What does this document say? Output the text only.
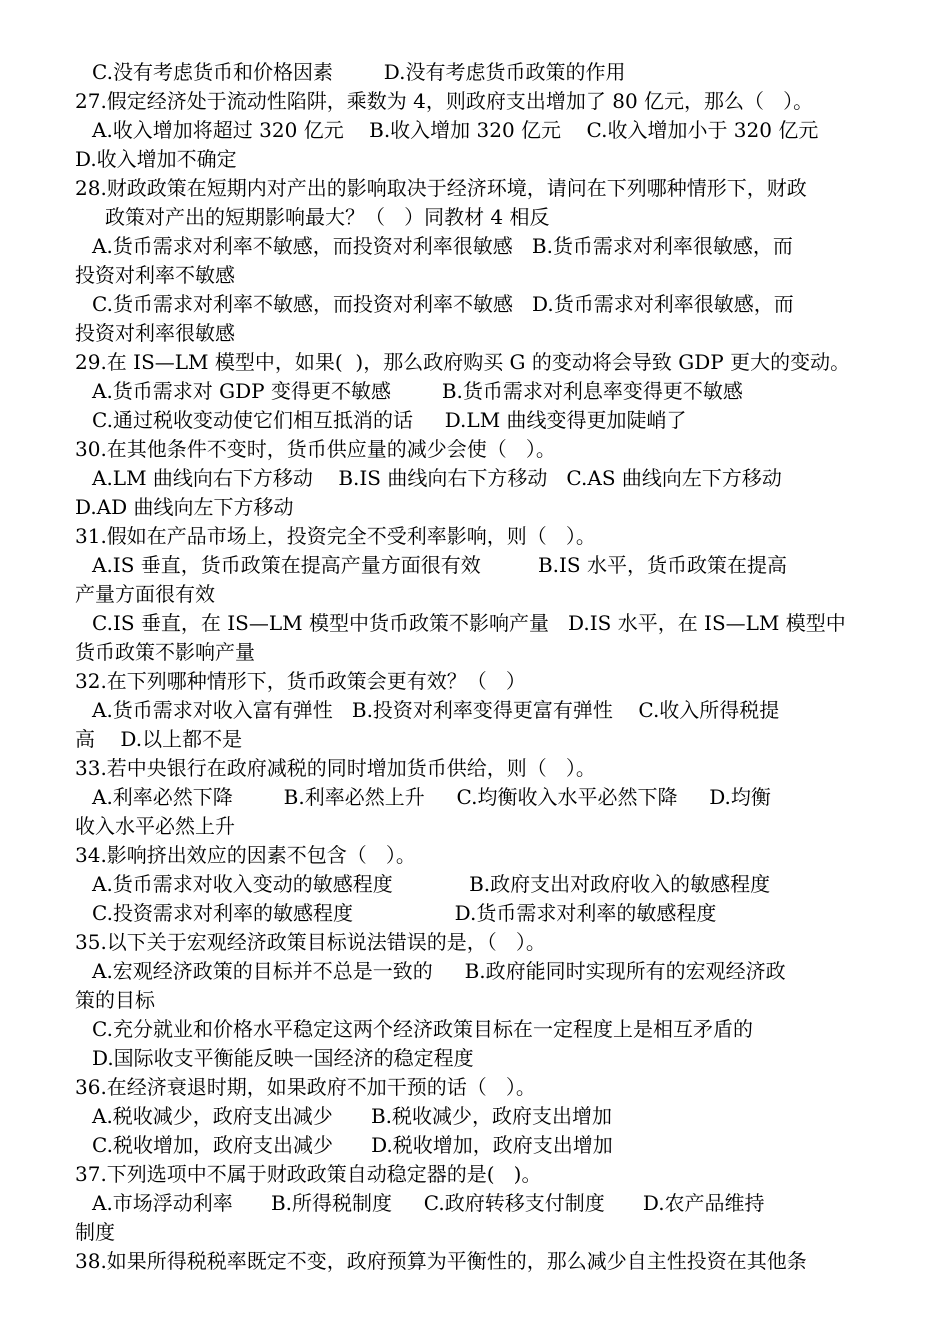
C.没有考虑货币和价格因素        D.没有考虑货币政策的作用
27.假定经济处于流动性陷阱，乘数为 4，则政府支出增加了 80 亿元，那么（   ）。
A.收入增加将超过 320 亿元    B.收入增加 320 亿元    C.收入增加小于 320 亿元
D.收入增加不确定
28.财政政策在短期内对产出的影响取决于经济环境，请问在下列哪种情形下，财政
政策对产出的短期影响最大？（   ）同教材 4 相反
A.货币需求对利率不敏感，而投资对利率很敏感   B.货币需求对利率很敏感，而
投资对利率不敏感
C.货币需求对利率不敏感，而投资对利率不敏感   D.货币需求对利率很敏感，而
投资对利率很敏感
29.在 IS—LM 模型中，如果(  )，那么政府购买 G 的变动将会导致 GDP 更大的变动。
A.货币需求对 GDP 变得更不敏感        B.货币需求对利息率变得更不敏感
C.通过税收变动使它们相互抵消的话     D.LM 曲线变得更加陡峭了
30.在其他条件不变时，货币供应量的减少会使（   ）。
A.LM 曲线向右下方移动    B.IS 曲线向右下方移动   C.AS 曲线向左下方移动
D.AD 曲线向左下方移动
31.假如在产品市场上，投资完全不受利率影响，则（   ）。
A.IS 垂直，货币政策在提高产量方面很有效         B.IS 水平，货币政策在提高
产量方面很有效
C.IS 垂直，在 IS—LM 模型中货币政策不影响产量   D.IS 水平，在 IS—LM 模型中
货币政策不影响产量
32.在下列哪种情形下，货币政策会更有效？（   ）
A.货币需求对收入富有弹性   B.投资对利率变得更富有弹性    C.收入所得税提
高    D.以上都不是
33.若中央银行在政府减税的同时增加货币供给，则（   ）。
A.利率必然下降        B.利率必然上升     C.均衡收入水平必然下降     D.均衡
收入水平必然上升
34.影响挤出效应的因素不包含（   ）。
A.货币需求对收入变动的敏感程度            B.政府支出对政府收入的敏感程度
C.投资需求对利率的敏感程度                D.货币需求对利率的敏感程度
35.以下关于宏观经济政策目标说法错误的是，（   ）。
A.宏观经济政策的目标并不总是一致的     B.政府能同时实现所有的宏观经济政
策的目标
C.充分就业和价格水平稳定这两个经济政策目标在一定程度上是相互矛盾的
D.国际收支平衡能反映一国经济的稳定程度
36.在经济衰退时期，如果政府不加干预的话（   ）。
A.税收减少，政府支出减少      B.税收减少，政府支出增加
C.税收增加，政府支出减少      D.税收增加，政府支出增加
37.下列选项中不属于财政政策自动稳定器的是(   )。
A.市场浮动利率      B.所得税制度     C.政府转移支付制度      D.农产品维持
制度
38.如果所得税税率既定不变，政府预算为平衡性的，那么减少自主性投资在其他条
